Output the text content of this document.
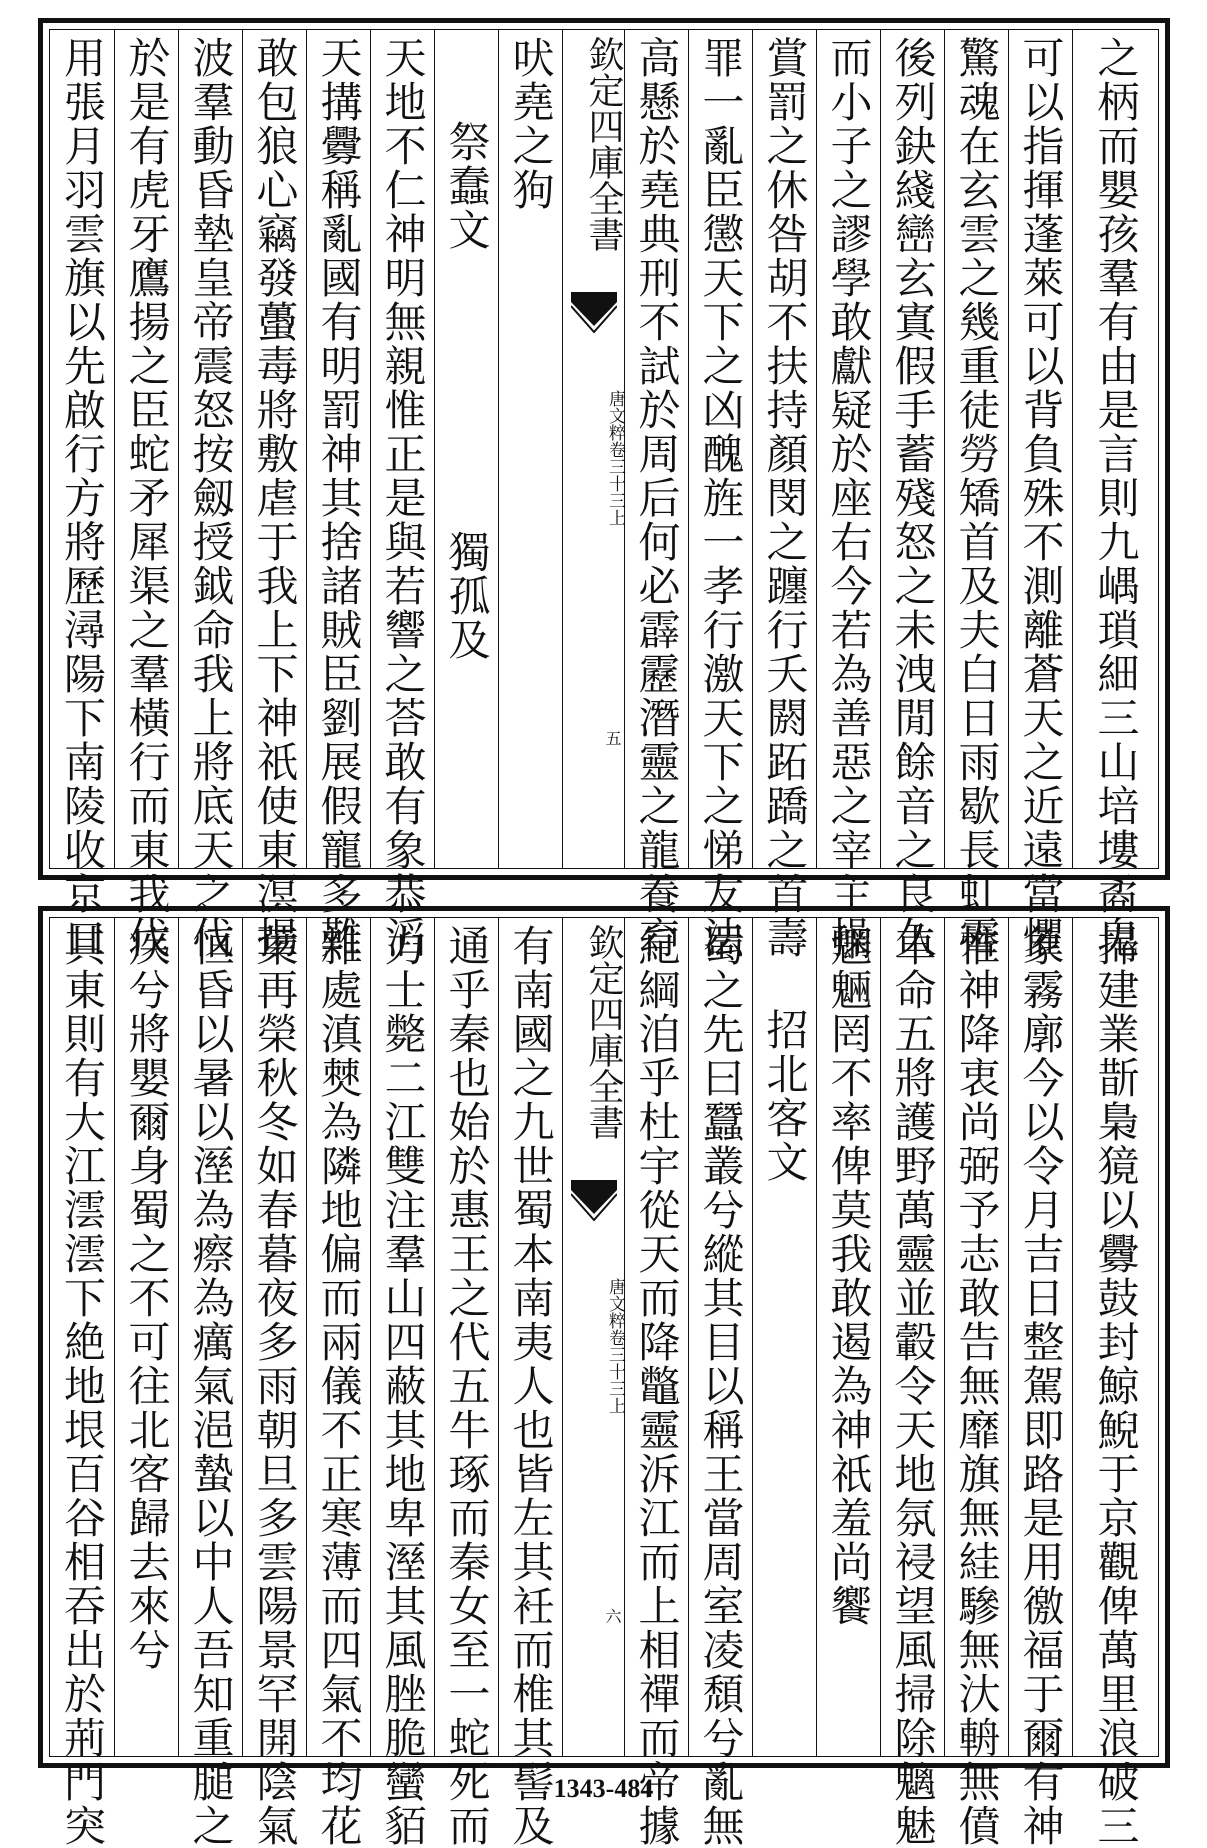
用張月羽雲旗以先啟行方將歷潯陽下南陵收京口 於是有虎牙鷹揚之臣蛇矛犀渠之羣橫行而東我伐 波羣動昏墊皇帝震怒按劔授鉞命我上將底天之伐 敢包狼心竊發蠆毒將敷虐于我上下神祇使東溟揚 天搆釁稱亂國有明罰神其捨諸賊臣劉展假寵多難 天地不仁神明無親惟正是與若響之荅敢有象恭滔 祭蠢文
獨孤及
吠堯之狗 欽定四庫全書
唐文粹
卷三十三上
五 高懸於堯典刑不試於周后何必霹靂潛靈之龍養育 罪一亂臣懲天下之凶醜旌一孝行激天下之悌友法 賞罰之休咎胡不扶持顏閔之躔行夭閼跖蹻之首壽 而小子之謬學敢獻疑於座右今若為善惡之宰主操 後列鈌綫巒玄寘假手蓄殘怒之未洩閒餘音之良久 驚魂在玄雲之幾重徒勞矯首及夫白日雨歇長虹霽 可以指揮蓬萊可以背負殊不測離蒼天之近遠當懼 之柄而嬰孩羣有由是言則九嵎瑣細三山培塿矞鬼
其東則有大江澐澐下絶地垠百谷相吞出於荊門突 疾兮將嬰爾身蜀之不可往北客歸去來兮 恒昏以暑以溼為瘵為癘氣浥蟄以中人吾知重膇之 葉再榮秋冬如春暮夜多雨朝旦多雲陽景罕開陰氣 雜處滇僰為隣地偏而兩儀不正寒薄而四氣不均花 力士斃二江雙注羣山四蔽其地卑溼其風脞脆蠻貊 通乎秦也始於惠王之代五牛琢而秦女至一蛇死而 有南國之九世蜀本南夷人也皆左其衽而椎其髻及 欽定四庫全書
唐文粹
卷三十三上
六 紀綱洎乎杜宇從天而降鼈靈泝江而上相禪而帝據 蜀之先曰蠶叢兮縱其目以稱王當周室凌頹兮亂無 招北客文 魍魎罔不率俾莫我敢遏為神祇羞尚饗 車命五將護野萬靈並轂令天地氛祲望風掃除魑魅 惟神降衷尚弼予志敢告無靡旗無絓驂無汏輈無僨 象霧廓今以令月吉日整駕即路是用徼福于爾有神 掃建業斮梟獍以釁鼓封鯨鯢于京觀俾萬里浪破三
1343-484
